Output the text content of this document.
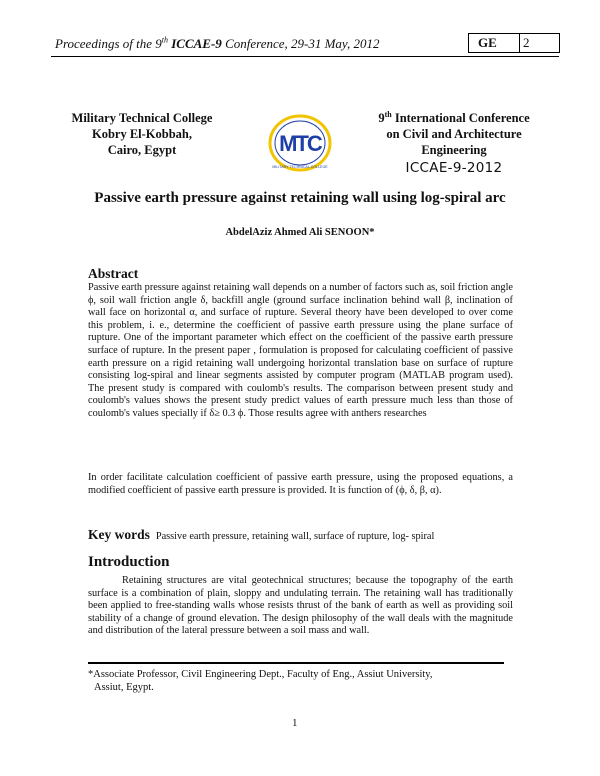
Proceedings of the 9th ICCAE-9 Conference, 29-31 May, 2012	GE	2
Military Technical College
Kobry El-Kobbah,
Cairo, Egypt	MTC
MILITARY TECHNICAL COLLEGE
9th International Conference
on Civil and Architecture
Engineering
ICCAE-9-2012
Passive earth pressure against retaining wall using log-spiral arc
AbdelAziz Ahmed Ali SENOON*
Abstract
Passive earth pressure against retaining wall depends on a number of factors such as, soil friction angle ϕ, soil wall friction angle δ, backfill angle (ground surface inclination behind wall β, inclination of wall face on horizontal α, and surface of rupture. Several theory have been developed to over come this problem, i. e., determine the coefficient of passive earth pressure using the plane surface of rupture. One of the important parameter which effect on the coefficient of the passive earth pressure surface of rupture. In the present paper , formulation is proposed for calculating coefficient of passive earth pressure on a rigid retaining wall undergoing horizontal translation base on surface of rupture consisting log-spiral and linear segments assisted by computer program (MATLAB program used). The present study is compared with coulomb's results. The comparison between present study and coulomb's values shows the present study predict values of earth pressure much less than those of coulomb's values specially if δ≥ 0.3 ϕ. Those results agree with anthers researches
In order facilitate calculation coefficient of passive earth pressure, using the proposed equations, a modified coefficient of passive earth pressure is provided. It is function of (ϕ, δ, β, α).
Key words Passive earth pressure, retaining wall, surface of rupture, log- spiral
Introduction
Retaining structures are vital geotechnical structures; because the topography of the earth surface is a combination of plain, sloppy and undulating terrain. The retaining wall has traditionally been applied to free-standing walls whose resists thrust of the bank of earth as well as providing soil stability of a change of ground elevation. The design philosophy of the wall deals with the magnitude and distribution of the lateral pressure between a soil mass and wall.
*Associate Professor, Civil Engineering Dept., Faculty of Eng., Assiut University,
Assiut, Egypt.
1
